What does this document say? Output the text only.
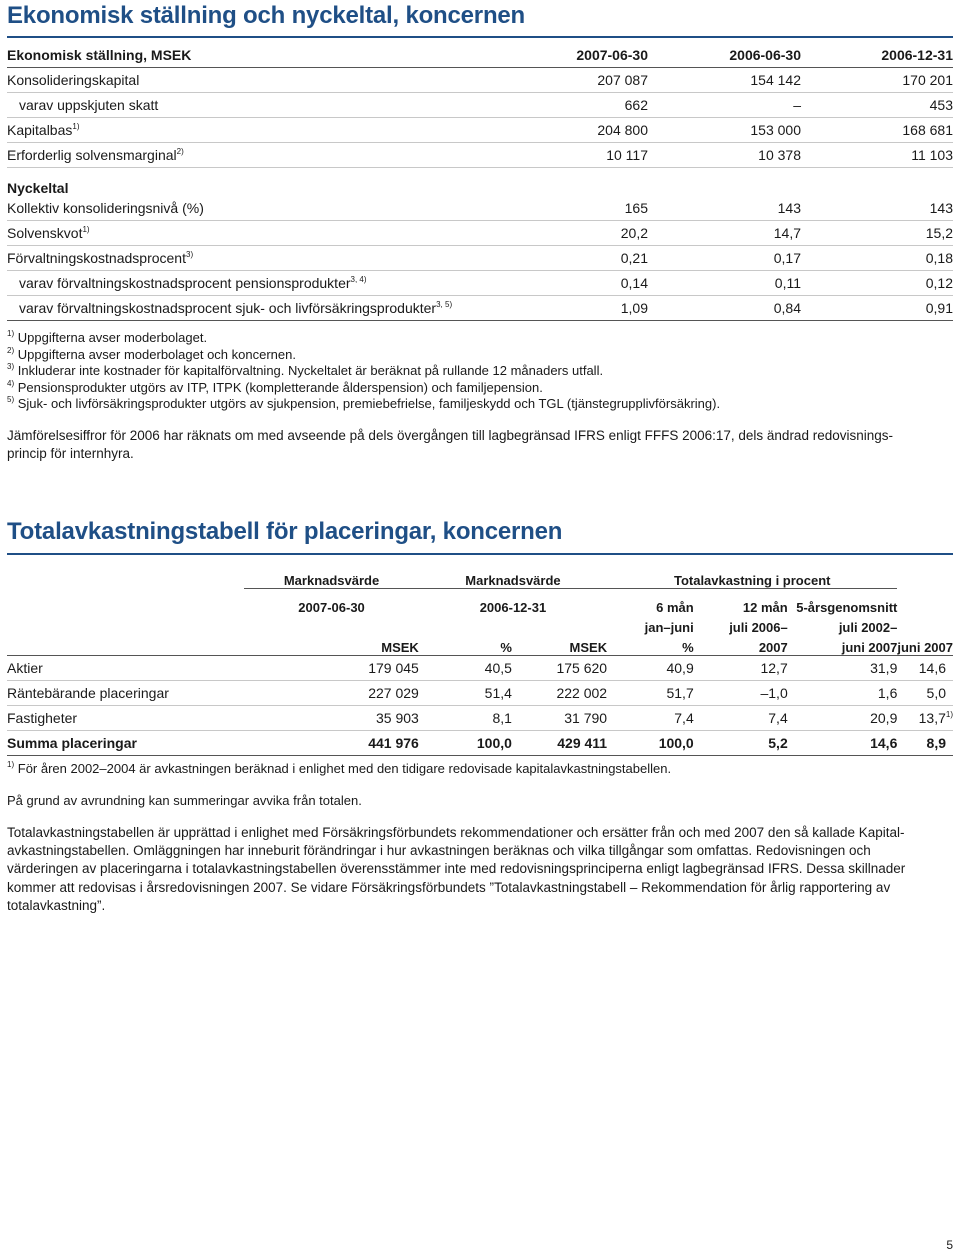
Ekonomisk ställning och nyckeltal, koncernen
Ekonomisk ställning, MSEK	2007-06-30	2006-06-30	2006-12-31
Konsolideringskapital	207 087	154 142	170 201
varav uppskjuten skatt	662	–	453
Kapitalbas$^{1)}$	204 800	153 000	168 681
Erforderlig solvensmarginal$^{2)}$	10 117	10 378	11 103
Nyckeltal			
Kollektiv konsolideringsnivå (%)	165	143	143
Solvenskvot$^{1)}$	20,2	14,7	15,2
Förvaltningskostnadsprocent$^{3)}$	0,21	0,17	0,18
varav förvaltningskostnadsprocent pensionsprodukter$^{3, 4)}$	0,14	0,11	0,12
varav förvaltningskostnadsprocent sjuk- och livförsäkringsprodukter$^{3, 5)}$	1,09	0,84	0,91
$^{1)}$ Uppgifterna avser moderbolaget.
$^{2)}$ Uppgifterna avser moderbolaget och koncernen.
$^{3)}$ Inkluderar inte kostnader för kapitalförvaltning. Nyckeltalet är beräknat på rullande 12 månaders utfall.
$^{4)}$ Pensionsprodukter utgörs av ITP, ITPK (kompletterande ålderspension) och familjepension.
$^{5)}$ Sjuk- och livförsäkringsprodukter utgörs av sjukpension, premiebefrielse, familjeskydd och TGL (tjänstegrupplivförsäkring).
Jämförelsesiffror för 2006 har räknats om med avseende på dels övergången till lagbegränsad IFRS enligt FFFS 2006:17, dels ändrad redovisnings-
princip för internhyra.
Totalavkastningstabell för placeringar, koncernen
	Marknadsvärde		Marknadsvärde		Totalavkastning i procent			
	2007-06-30		2006-12-31		6 mån	12 mån	5-årsgenomsnitt	
					jan–juni	juli 2006–	juli 2002–	
		MSEK	%	MSEK	%	2007	juni 2007	juni 2007
Aktier		179 045	40,5	175 620	40,9	12,7	31,9	14,6
Räntebärande placeringar		227 029	51,4	222 002	51,7	–1,0	1,6	5,0
Fastigheter		35 903	8,1	31 790	7,4	7,4	20,9	13,7$^{1)}$
Summa placeringar		441 976	100,0	429 411	100,0	5,2	14,6	8,9
$^{1)}$ För åren 2002–2004 är avkastningen beräknad i enlighet med den tidigare redovisade kapitalavkastningstabellen.
På grund av avrundning kan summeringar avvika från totalen.
Totalavkastningstabellen är upprättad i enlighet med Försäkringsförbundets rekommendationer och ersätter från och med 2007 den så kallade Kapital-
avkastningstabellen. Omläggningen har inneburit förändringar i hur avkastningen beräknas och vilka tillgångar som omfattas. Redovisningen och
värderingen av placeringarna i totalavkastningstabellen överensstämmer inte med redovisningsprinciperna enligt lagbegränsad IFRS. Dessa skillnader
kommer att redovisas i årsredovisningen 2007. Se vidare Försäkringsförbundets ”Totalavkastningstabell – Rekommendation för årlig rapportering av
totalavkastning”.
5
